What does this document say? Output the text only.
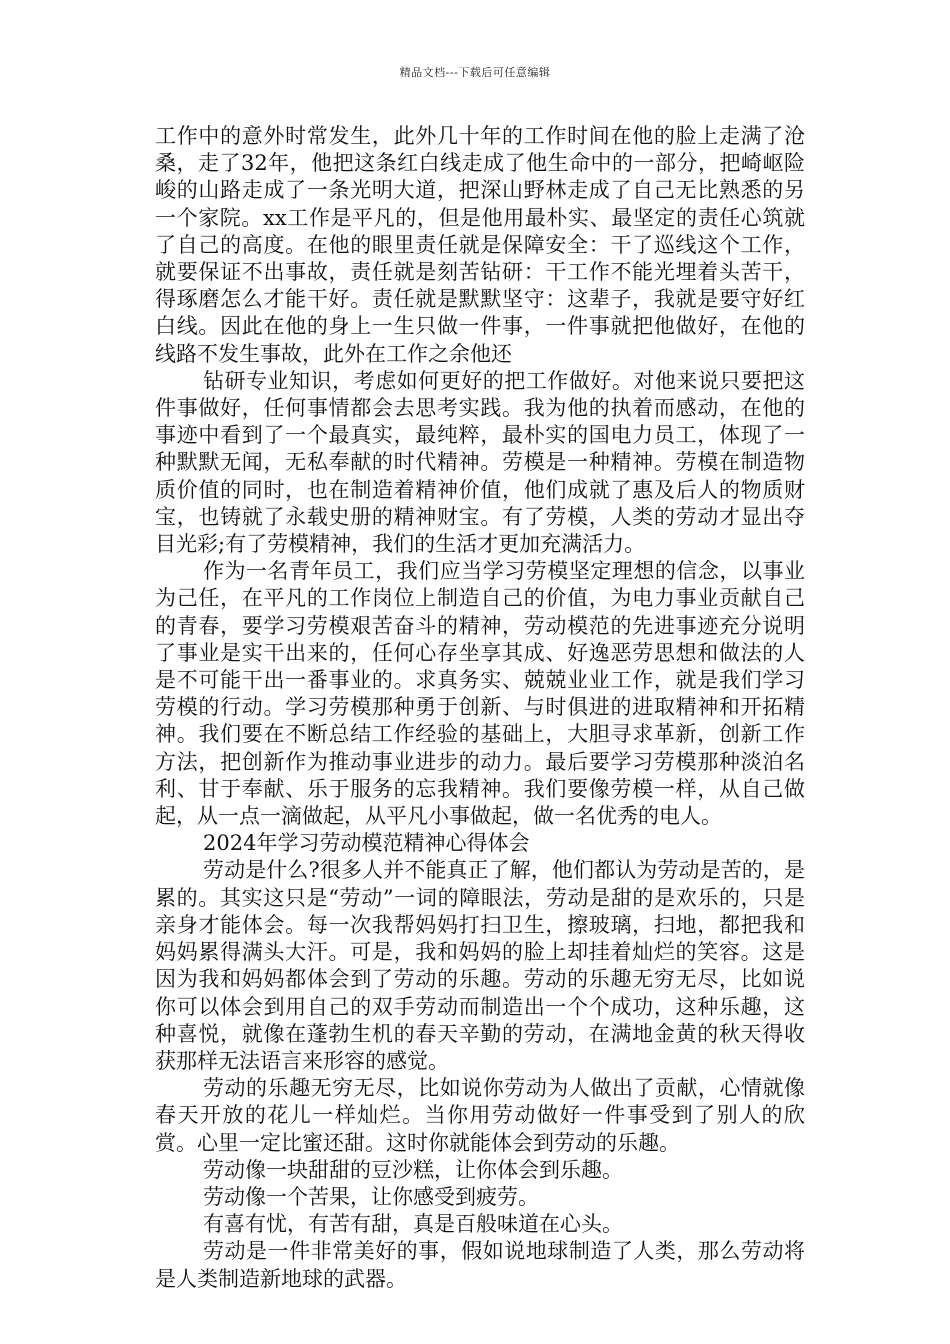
精品文档---下载后可任意编辑

工作中的意外时常发生，此外几十年的工作时间在他的脸上走满了沧桑，走了32年，他把这条红白线走成了他生命中的一部分，把崎岖险峻的山路走成了一条光明大道，把深山野林走成了自己无比熟悉的另一个家院。xx工作是平凡的，但是他用最朴实、最坚定的责任心筑就了自己的高度。在他的眼里责任就是保障安全：干了巡线这个工作，就要保证不出事故，责任就是刻苦钻研：干工作不能光埋着头苦干，得琢磨怎么才能干好。责任就是默默坚守：这辈子，我就是要守好红白线。因此在他的身上一生只做一件事，一件事就把他做好，在他的线路不发生事故，此外在工作之余他还

钻研专业知识，考虑如何更好的把工作做好。对他来说只要把这件事做好，任何事情都会去思考实践。我为他的执着而感动，在他的事迹中看到了一个最真实，最纯粹，最朴实的国电力员工，体现了一种默默无闻，无私奉献的时代精神。劳模是一种精神。劳模在制造物质价值的同时，也在制造着精神价值，他们成就了惠及后人的物质财宝，也铸就了永载史册的精神财宝。有了劳模，人类的劳动才显出夺目光彩;有了劳模精神，我们的生活才更加充满活力。

作为一名青年员工，我们应当学习劳模坚定理想的信念，以事业为己任，在平凡的工作岗位上制造自己的价值，为电力事业贡献自己的青春，要学习劳模艰苦奋斗的精神，劳动模范的先进事迹充分说明了事业是实干出来的，任何心存坐享其成、好逸恶劳思想和做法的人是不可能干出一番事业的。求真务实、兢兢业业工作，就是我们学习劳模的行动。学习劳模那种勇于创新、与时俱进的进取精神和开拓精神。我们要在不断总结工作经验的基础上，大胆寻求革新，创新工作方法，把创新作为推动事业进步的动力。最后要学习劳模那种淡泊名利、甘于奉献、乐于服务的忘我精神。我们要像劳模一样，从自己做起，从一点一滴做起，从平凡小事做起，做一名优秀的电人。

2024年学习劳动模范精神心得体会

劳动是什么?很多人并不能真正了解，他们都认为劳动是苦的，是累的。其实这只是“劳动”一词的障眼法，劳动是甜的是欢乐的，只是亲身才能体会。每一次我帮妈妈打扫卫生，擦玻璃，扫地，都把我和妈妈累得满头大汗。可是，我和妈妈的脸上却挂着灿烂的笑容。这是因为我和妈妈都体会到了劳动的乐趣。劳动的乐趣无穷无尽，比如说你可以体会到用自己的双手劳动而制造出一个个成功，这种乐趣，这种喜悦，就像在蓬勃生机的春天辛勤的劳动，在满地金黄的秋天得收获那样无法语言来形容的感觉。

劳动的乐趣无穷无尽，比如说你劳动为人做出了贡献，心情就像春天开放的花儿一样灿烂。当你用劳动做好一件事受到了别人的欣赏。心里一定比蜜还甜。这时你就能体会到劳动的乐趣。

劳动像一块甜甜的豆沙糕，让你体会到乐趣。

劳动像一个苦果，让你感受到疲劳。

有喜有忧，有苦有甜，真是百般味道在心头。

劳动是一件非常美好的事，假如说地球制造了人类，那么劳动将是人类制造新地球的武器。
